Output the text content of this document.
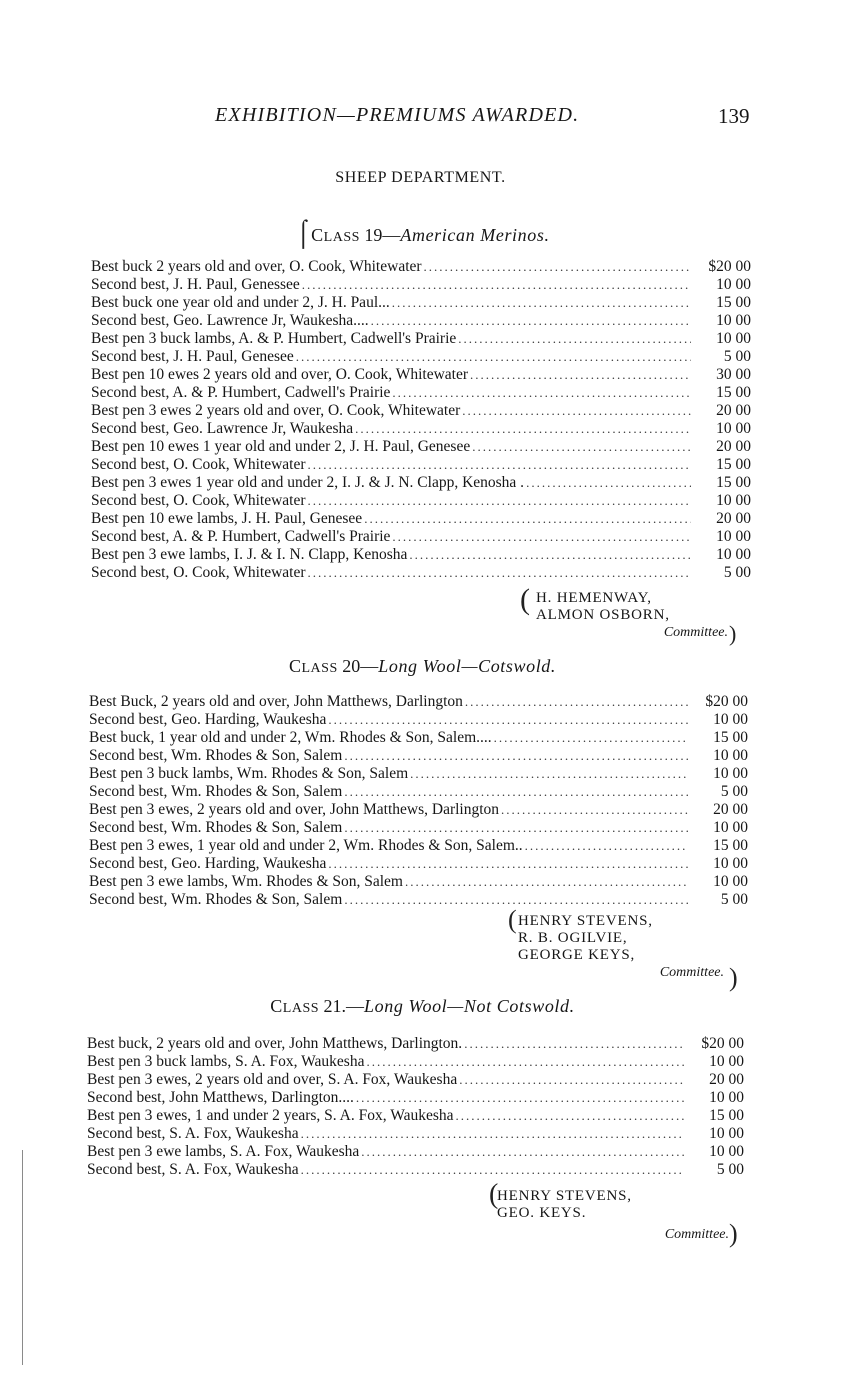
EXHIBITION—PREMIUMS AWARDED.	139
SHEEP DEPARTMENT.
⌠CLASS 19—American Merinos.
Best buck 2 years old and over, O. Cook, Whitewater .....	$20 00
Second best, J. H. Paul, Genessee .....	10 00
Best buck one year old and under 2, J. H. Paul... .....	15 00
Second best, Geo. Lawrence Jr, Waukesha.... .....	10 00
Best pen 3 buck lambs, A. & P. Humbert, Cadwell's Prairie .....	10 00
Second best, J. H. Paul, Genesee .....	5 00
Best pen 10 ewes 2 years old and over, O. Cook, Whitewater .....	30 00
Second best, A. & P. Humbert, Cadwell's Prairie .....	15 00
Best pen 3 ewes 2 years old and over, O. Cook, Whitewater .....	20 00
Second best, Geo. Lawrence Jr, Waukesha .....	10 00
Best pen 10 ewes 1 year old and under 2, J. H. Paul, Genesee .....	20 00
Second best, O. Cook, Whitewater .....	15 00
Best pen 3 ewes 1 year old and under 2, I. J. & J. N. Clapp, Kenosha . .....	15 00
Second best, O. Cook, Whitewater .....	10 00
Best pen 10 ewe lambs, J. H. Paul, Genesee .....	20 00
Second best, A. & P. Humbert, Cadwell's Prairie .....	10 00
Best pen 3 ewe lambs, I. J. & I. N. Clapp, Kenosha .....	10 00
Second best, O. Cook, Whitewater .....	5 00
( H. HEMENWAY,
ALMON OSBORN,
Committee. )
CLASS 20—Long Wool—Cotswold.
Best Buck, 2 years old and over, John Matthews, Darlington .....	$20 00
Second best, Geo. Harding, Waukesha .....	10 00
Best buck, 1 year old and under 2, Wm. Rhodes & Son, Salem.... .....	15 00
Second best, Wm. Rhodes & Son, Salem .....	10 00
Best pen 3 buck lambs, Wm. Rhodes & Son, Salem .....	10 00
Second best, Wm. Rhodes & Son, Salem .....	5 00
Best pen 3 ewes, 2 years old and over, John Matthews, Darlington .....	20 00
Second best, Wm. Rhodes & Son, Salem .....	10 00
Best pen 3 ewes, 1 year old and under 2, Wm. Rhodes & Son, Salem.. .....	15 00
Second best, Geo. Harding, Waukesha .....	10 00
Best pen 3 ewe lambs, Wm. Rhodes & Son, Salem .....	10 00
Second best, Wm. Rhodes & Son, Salem .....	5 00
( HENRY STEVENS,
R. B. OGILVIE,
GEORGE KEYS,
Committee. )
CLASS 21.—Long Wool—Not Cotswold.
Best buck, 2 years old and over, John Matthews, Darlington. .....	$20 00
Best pen 3 buck lambs, S. A. Fox, Waukesha .....	10 00
Best pen 3 ewes, 2 years old and over, S. A. Fox, Waukesha .....	20 00
Second best, John Matthews, Darlington.... .....	10 00
Best pen 3 ewes, 1 and under 2 years, S. A. Fox, Waukesha .....	15 00
Second best, S. A. Fox, Waukesha .....	10 00
Best pen 3 ewe lambs, S. A. Fox, Waukesha .....	10 00
Second best, S. A. Fox, Waukesha .....	5 00
(
HENRY STEVENS,
GEO. KEYS.
Committee. )
